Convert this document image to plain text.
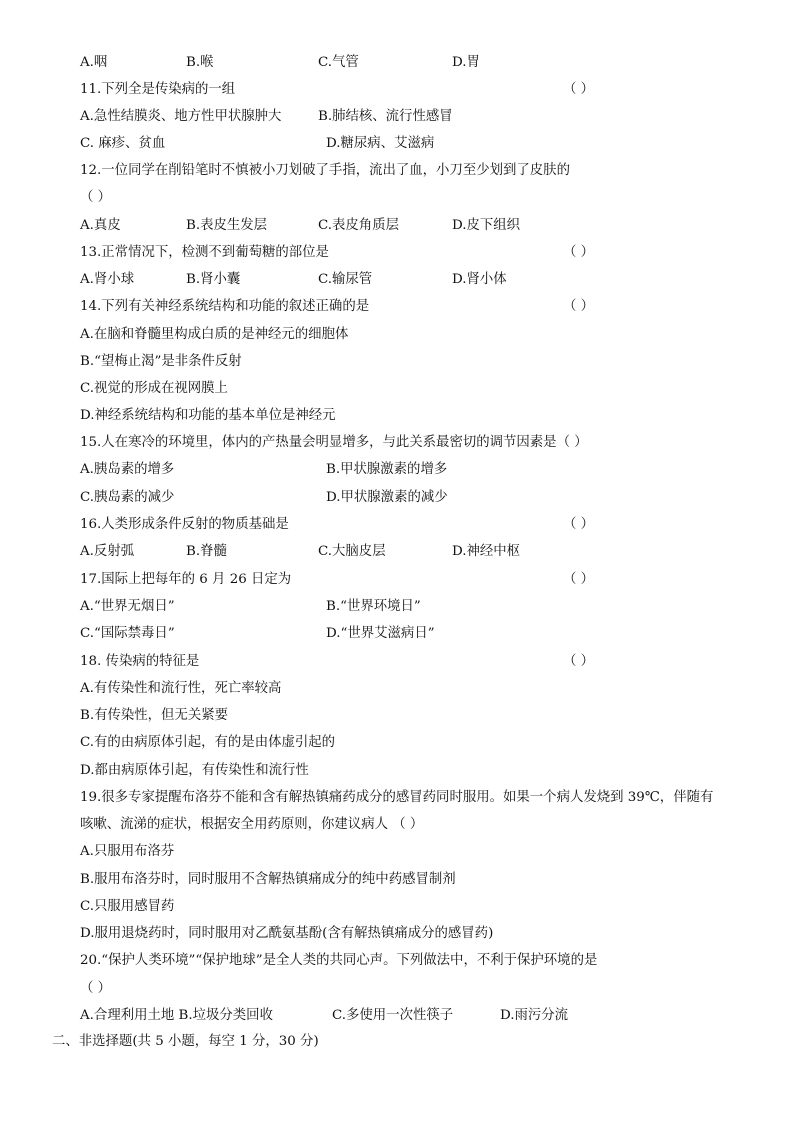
A.咽	B.喉	C.气管	D.胃
11.下列全是传染病的一组	（ ）
A.急性结膜炎、地方性甲状腺肿大	B.肺结核、流行性感冒
C. 麻疹、贫血	D.糖尿病、艾滋病
12.一位同学在削铅笔时不慎被小刀划破了手指，流出了血，小刀至少划到了皮肤的
（ ）
A.真皮	B.表皮生发层	C.表皮角质层	D.皮下组织
13.正常情况下，检测不到葡萄糖的部位是	（ ）
A.肾小球	B.肾小囊	C.输尿管	D.肾小体
14.下列有关神经系统结构和功能的叙述正确的是	（ ）
A.在脑和脊髓里构成白质的是神经元的细胞体
B.“望梅止渴”是非条件反射
C.视觉的形成在视网膜上
D.神经系统结构和功能的基本单位是神经元
15.人在寒冷的环境里，体内的产热量会明显增多，与此关系最密切的调节因素是（ ）
A.胰岛素的增多	B.甲状腺激素的增多
C.胰岛素的减少	D.甲状腺激素的减少
16.人类形成条件反射的物质基础是	（ ）
A.反射弧	B.脊髓	C.大脑皮层	D.神经中枢
17.国际上把每年的 6 月 26 日定为	（ ）
A.“世界无烟日”	B.“世界环境日”
C.“国际禁毒日”	D.“世界艾滋病日”
18. 传染病的特征是	（ ）
A.有传染性和流行性，死亡率较高
B.有传染性，但无关紧要
C.有的由病原体引起，有的是由体虚引起的
D.都由病原体引起，有传染性和流行性
19.很多专家提醒布洛芬不能和含有解热镇痛药成分的感冒药同时服用。如果一个病人发烧到 39℃，伴随有
咳嗽、流涕的症状，根据安全用药原则，你建议病人 （ ）
A.只服用布洛芬
B.服用布洛芬时，同时服用不含解热镇痛成分的纯中药感冒制剂
C.只服用感冒药
D.服用退烧药时，同时服用对乙酰氨基酚(含有解热镇痛成分的感冒药)
20.“保护人类环境”“保护地球”是全人类的共同心声。下列做法中，不利于保护环境的是
（ ）
A.合理利用土地 B.垃圾分类回收	C.多使用一次性筷子	D.雨污分流
二、非选择题(共 5 小题，每空 1 分，30 分)
